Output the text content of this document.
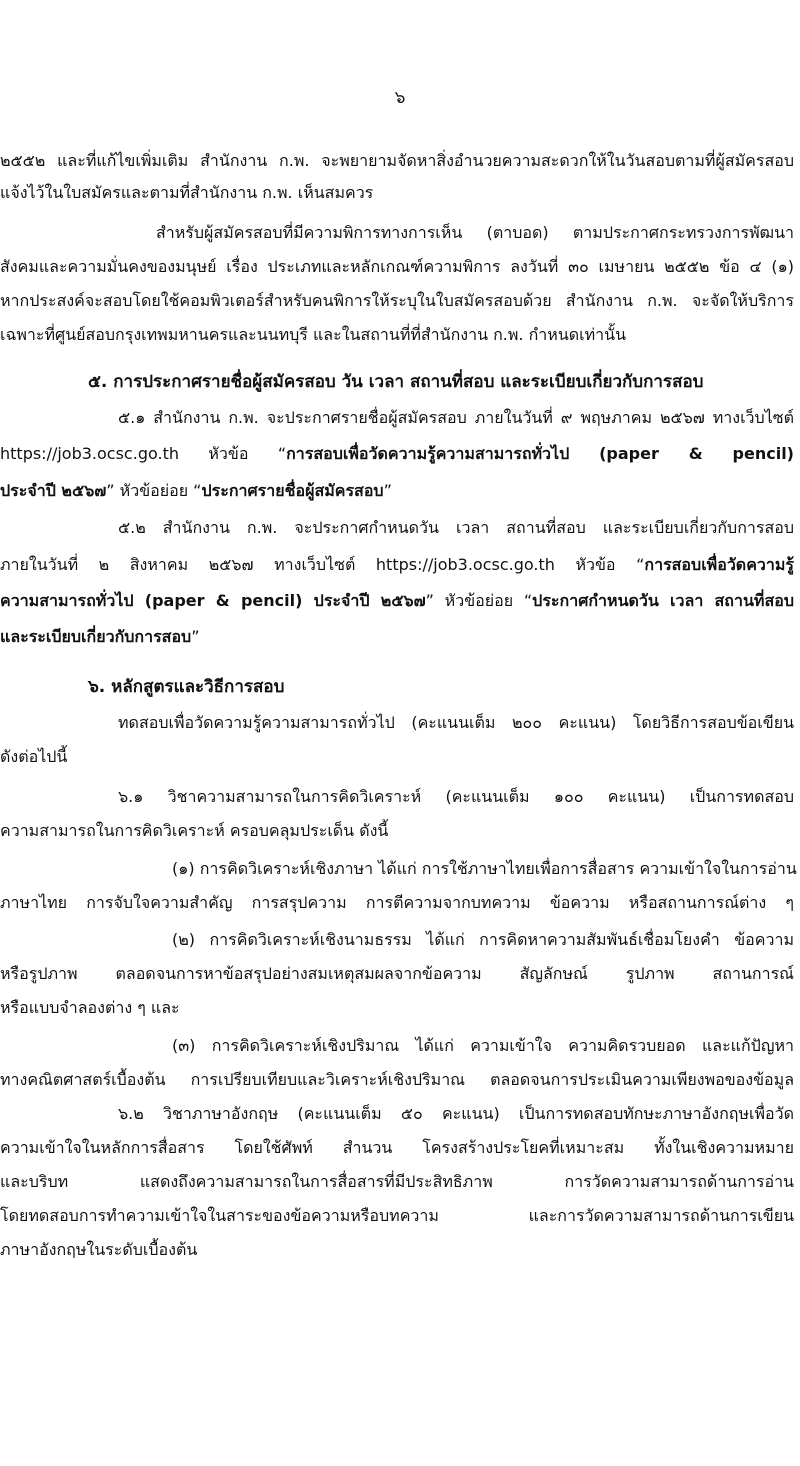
๖
๒๕๕๒ และที่แก้ไขเพิ่มเติม สำนักงาน ก.พ. จะพยายามจัดหาสิ่งอำนวยความสะดวกให้ในวันสอบตามที่ผู้สมัครสอบ
แจ้งไว้ในใบสมัครและตามที่สำนักงาน ก.พ. เห็นสมควร
สำหรับผู้สมัครสอบที่มีความพิการทางการเห็น (ตาบอด) ตามประกาศกระทรวงการพัฒนา
สังคมและความมั่นคงของมนุษย์ เรื่อง ประเภทและหลักเกณฑ์ความพิการ ลงวันที่ ๓๐ เมษายน ๒๕๕๒ ข้อ ๔ (๑)
หากประสงค์จะสอบโดยใช้คอมพิวเตอร์สำหรับคนพิการให้ระบุในใบสมัครสอบด้วย สำนักงาน ก.พ. จะจัดให้บริการ
เฉพาะที่ศูนย์สอบกรุงเทพมหานครและนนทบุรี และในสถานที่ที่สำนักงาน ก.พ. กำหนดเท่านั้น
๕. การประกาศรายชื่อผู้สมัครสอบ วัน เวลา สถานที่สอบ และระเบียบเกี่ยวกับการสอบ
๕.๑ สำนักงาน ก.พ. จะประกาศรายชื่อผู้สมัครสอบ ภายในวันที่ ๙ พฤษภาคม ๒๕๖๗ ทางเว็บไซต์
https://job3.ocsc.go.th หัวข้อ “การสอบเพื่อวัดความรู้ความสามารถทั่วไป (paper & pencil)
ประจำปี ๒๕๖๗” หัวข้อย่อย “ประกาศรายชื่อผู้สมัครสอบ”
๕.๒ สำนักงาน ก.พ. จะประกาศกำหนดวัน เวลา สถานที่สอบ และระเบียบเกี่ยวกับการสอบ
ภายในวันที่ ๒ สิงหาคม ๒๕๖๗ ทางเว็บไซต์ https://job3.ocsc.go.th หัวข้อ “การสอบเพื่อวัดความรู้
ความสามารถทั่วไป (paper & pencil) ประจำปี ๒๕๖๗” หัวข้อย่อย “ประกาศกำหนดวัน เวลา สถานที่สอบ
และระเบียบเกี่ยวกับการสอบ”
๖. หลักสูตรและวิธีการสอบ
ทดสอบเพื่อวัดความรู้ความสามารถทั่วไป (คะแนนเต็ม ๒๐๐ คะแนน) โดยวิธีการสอบข้อเขียน
ดังต่อไปนี้
๖.๑ วิชาความสามารถในการคิดวิเคราะห์ (คะแนนเต็ม ๑๐๐ คะแนน) เป็นการทดสอบ
ความสามารถในการคิดวิเคราะห์ ครอบคลุมประเด็น ดังนี้
(๑) การคิดวิเคราะห์เชิงภาษา ได้แก่ การใช้ภาษาไทยเพื่อการสื่อสาร ความเข้าใจในการอ่าน
ภาษาไทย การจับใจความสำคัญ การสรุปความ การตีความจากบทความ ข้อความ หรือสถานการณ์ต่าง ๆ
(๒) การคิดวิเคราะห์เชิงนามธรรม ได้แก่ การคิดหาความสัมพันธ์เชื่อมโยงคำ ข้อความ
หรือรูปภาพ ตลอดจนการหาข้อสรุปอย่างสมเหตุสมผลจากข้อความ สัญลักษณ์ รูปภาพ สถานการณ์
หรือแบบจำลองต่าง ๆ และ
(๓) การคิดวิเคราะห์เชิงปริมาณ ได้แก่ ความเข้าใจ ความคิดรวบยอด และแก้ปัญหา
ทางคณิตศาสตร์เบื้องต้น การเปรียบเทียบและวิเคราะห์เชิงปริมาณ ตลอดจนการประเมินความเพียงพอของข้อมูล
๖.๒ วิชาภาษาอังกฤษ (คะแนนเต็ม ๕๐ คะแนน) เป็นการทดสอบทักษะภาษาอังกฤษเพื่อวัด
ความเข้าใจในหลักการสื่อสาร โดยใช้ศัพท์ สำนวน โครงสร้างประโยคที่เหมาะสม ทั้งในเชิงความหมาย
และบริบท แสดงถึงความสามารถในการสื่อสารที่มีประสิทธิภาพ การวัดความสามารถด้านการอ่าน
โดยทดสอบการทำความเข้าใจในสาระของข้อความหรือบทความ และการวัดความสามารถด้านการเขียน
ภาษาอังกฤษในระดับเบื้องต้น
